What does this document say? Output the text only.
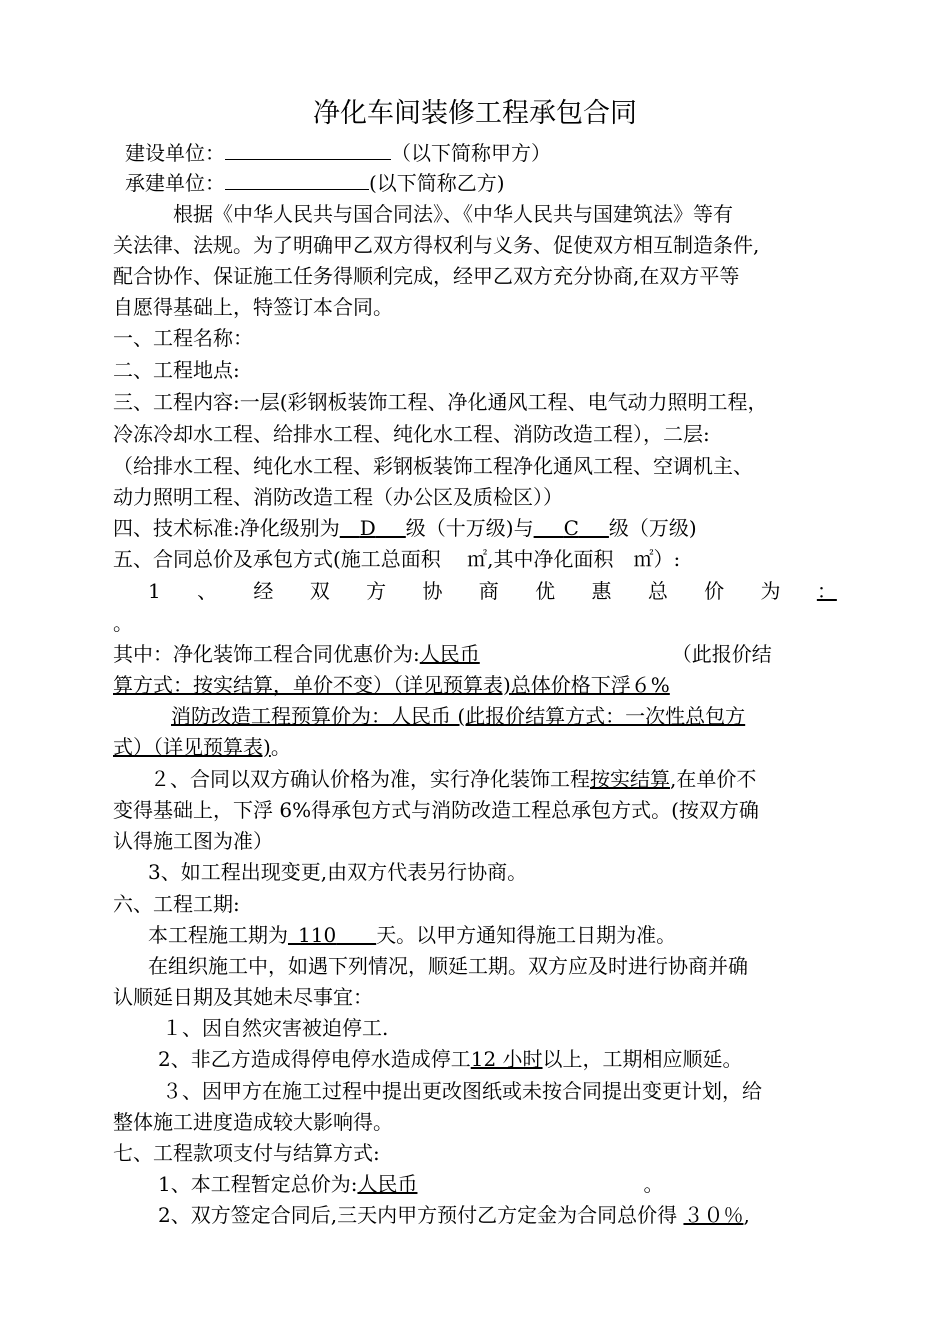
净化车间装修工程承包合同
建设单位：	（以下简称甲方）
承建单位：	(以下简称乙方)
根据《中华人民共与国合同法》、《中华人民共与国建筑法》等有
关法律、法规。为了明确甲乙双方得权利与义务、促使双方相互制造条件,
配合协作、保证施工任务得顺利完成，经甲乙双方充分协商,在双方平等
自愿得基础上，特签订本合同。
一、工程名称：
二、工程地点:
三、工程内容:一层(彩钢板装饰工程、净化通风工程、电气动力照明工程，
冷冻冷却水工程、给排水工程、纯化水工程、消防改造工程），二层:
（给排水工程、纯化水工程、彩钢板装饰工程净化通风工程、空调机主、
动力照明工程、消防改造工程（办公区及质检区））
四、技术标准:净化级别为  D   级（十万级)与   C   级（万级)
五、合同总价及承包方式(施工总面积　 ㎡,其中净化面积　㎡）:
1 、 经 双 方 协 商 优 惠 总 价 为 ：
。
其中：净化装饰工程合同优惠价为:人民币	（此报价结
算方式：按实结算，单价不变）（详见预算表)总体价格下浮６%
消防改造工程预算价为：人民币 (此报价结算方式：一次性总包方
式）（详见预算表)。
２、合同以双方确认价格为准，实行净化装饰工程按实结算,在单价不
变得基础上，下浮 6%得承包方式与消防改造工程总承包方式。(按双方确
认得施工图为准）
3、如工程出现变更,由双方代表另行协商。
六、工程工期:
本工程施工期为  110   天。以甲方通知得施工日期为准。
在组织施工中，如遇下列情况，顺延工期。双方应及时进行协商并确
认顺延日期及其她未尽事宜：
１、因自然灾害被迫停工.
2、非乙方造成得停电停水造成停工12 小时以上，工期相应顺延。
３、因甲方在施工过程中提出更改图纸或未按合同提出变更计划，给
整体施工进度造成较大影响得。
七、工程款项支付与结算方式:
1、本工程暂定总价为:人民币	。
2、双方签定合同后,三天内甲方预付乙方定金为合同总价得 ３０％,
